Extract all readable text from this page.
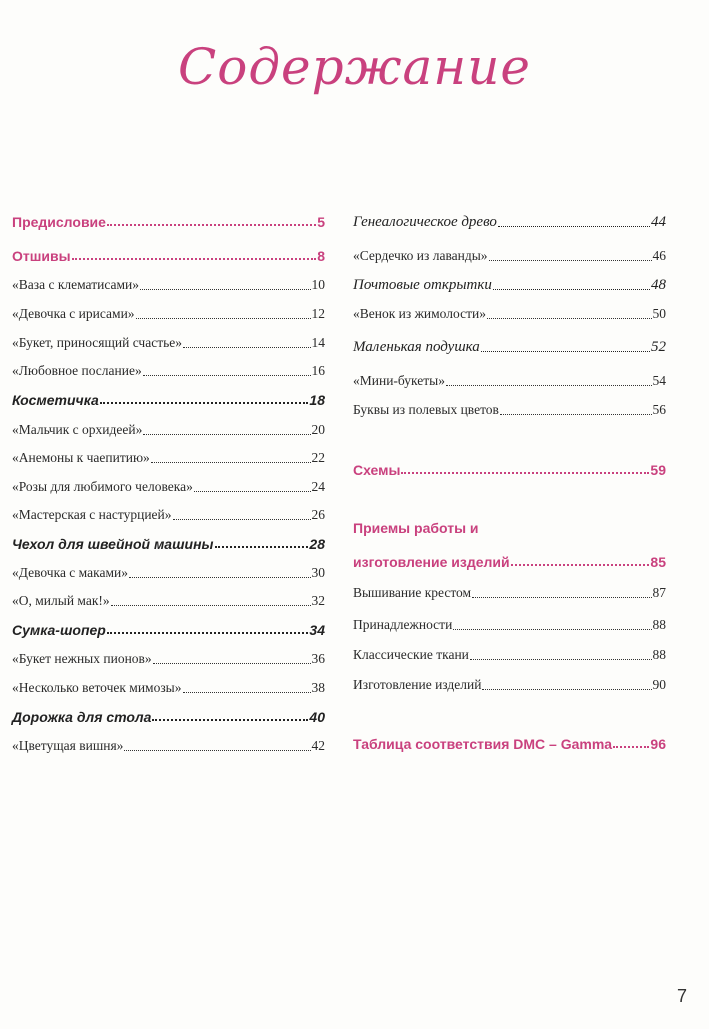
Содержание
Предисловие	5
Отшивы	8
«Ваза с клематисами»	10
«Девочка с ирисами»	12
«Букет, приносящий счастье»	14
«Любовное послание»	16
Косметичка	18
«Мальчик с орхидеей»	20
«Анемоны к чаепитию»	22
«Розы для любимого человека»	24
«Мастерская с настурцией»	26
Чехол для швейной машины	28
«Девочка с маками»	30
«О, милый мак!»	32
Сумка-шопер	34
«Букет нежных пионов»	36
«Несколько веточек мимозы»	38
Дорожка для стола	40
«Цветущая вишня»	42
Генеалогическое древо	44
«Сердечко из лаванды»	46
Почтовые открытки	48
«Венок из жимолости»	50
Маленькая подушка	52
«Мини-букеты»	54
Буквы из полевых цветов	56
Схемы	59
Приемы работы и
изготовление изделий	85
Вышивание крестом	87
Принадлежности	88
Классические ткани	88
Изготовление изделий	90
Таблица соответствия DMC – Gamma	96
7
